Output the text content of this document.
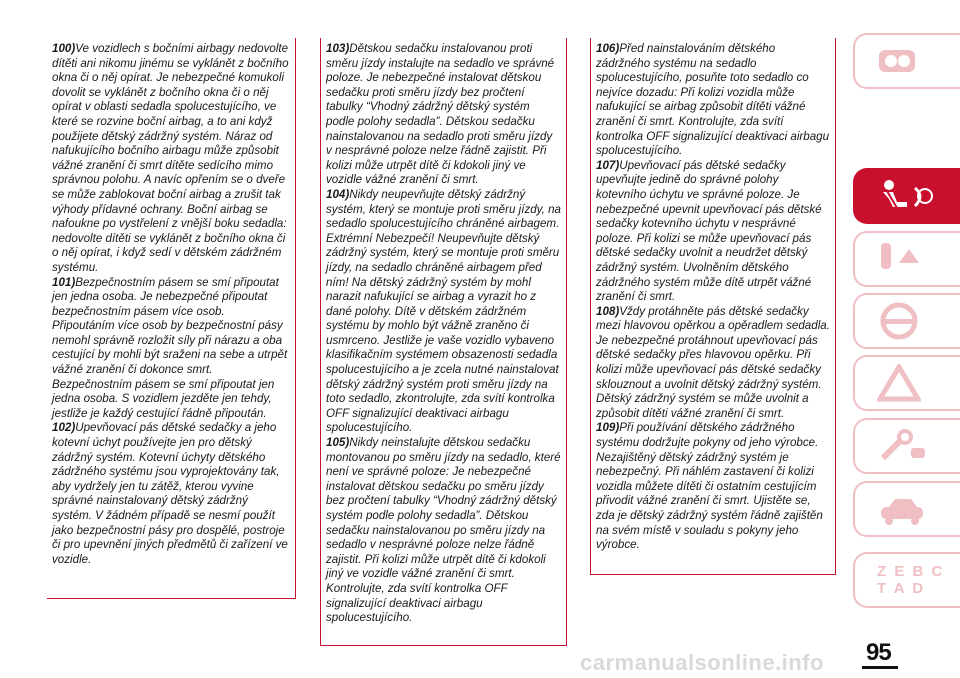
100)Ve vozidlech s bočními airbagy nedovolte dítěti ani nikomu jinému se vyklánět z bočního okna či o něj opírat. Je nebezpečné komukoli dovolit se vyklánět z bočního okna či o něj opírat v oblasti sedadla spolucestujícího, ve které se rozvine boční airbag, a to ani když použijete dětský zádržný systém. Náraz od nafukujícího bočního airbagu může způsobit vážné zranění či smrt dítěte sedícího mimo správnou polohu. A navíc opřením se o dveře se může zablokovat boční airbag a zrušit tak výhody přídavné ochrany. Boční airbag se nafoukne po vystřelení z vnější boku sedadla: nedovolte dítěti se vyklánět z bočního okna či o něj opírat, i když sedí v dětském zádržném systému.

101)Bezpečnostním pásem se smí připoutat jen jedna osoba. Je nebezpečné připoutat bezpečnostním pásem více osob. Připoutáním více osob by bezpečnostní pásy nemohl správně rozložit síly při nárazu a oba cestující by mohli být sraženi na sebe a utrpět vážné zranění či dokonce smrt. Bezpečnostním pásem se smí připoutat jen jedna osoba. S vozidlem jezděte jen tehdy, jestliže je každý cestující řádně připoután.

102)Upevňovací pás dětské sedačky a jeho kotevní úchyt používejte jen pro dětský zádržný systém. Kotevní úchyty dětského zádržného systému jsou vyprojektovány tak, aby vydržely jen tu zátěž, kterou vyvine správné nainstalovaný dětský zádržný systém. V žádném případě se nesmí použít jako bezpečnostní pásy pro dospělé, postroje či pro upevnění jiných předmětů či zařízení ve vozidle.

103)Dětskou sedačku instalovanou proti směru jízdy instalujte na sedadlo ve správné poloze. Je nebezpečné instalovat dětskou sedačku proti směru jízdy bez pročtení tabulky “Vhodný zádržný dětský systém podle polohy sedadla”. Dětskou sedačku nainstalovanou na sedadlo proti směru jízdy v nesprávné poloze nelze řádně zajistit. Při kolizi může utrpět dítě či kdokoli jiný ve vozidle vážné zranění či smrt.

104)Nikdy neupevňujte dětský zádržný systém, který se montuje proti směru jízdy, na sedadlo spolucestujícího chráněné airbagem. Extrémní Nebezpečí! Neupevňujte dětský zádržný systém, který se montuje proti směru jízdy, na sedadlo chráněné airbagem před ním! Na dětský zádržný systém by mohl narazit nafukující se airbag a vyrazit ho z dané polohy. Dítě v dětském zádržném systému by mohlo být vážně zraněno či usmrceno. Jestliže je vaše vozidlo vybaveno klasifikačním systémem obsazenosti sedadla spolucestujícího a je zcela nutné nainstalovat dětský zádržný systém proti směru jízdy na toto sedadlo, zkontrolujte, zda svítí kontrolka OFF signalizující deaktivaci airbagu spolucestujícího.

105)Nikdy neinstalujte dětskou sedačku montovanou po směru jízdy na sedadlo, které není ve správné poloze: Je nebezpečné instalovat dětskou sedačku po směru jízdy bez pročtení tabulky “Vhodný zádržný dětský systém podle polohy sedadla”. Dětskou sedačku nainstalovanou po směru jízdy na sedadlo v nesprávné poloze nelze řádně zajistit. Při kolizi může utrpět dítě či kdokoli jiný ve vozidle vážné zranění či smrt. Kontrolujte, zda svítí kontrolka OFF signalizující deaktivaci airbagu spolucestujícího.

106)Před nainstalováním dětského zádržného systému na sedadlo spolucestujícího, posuňte toto sedadlo co nejvíce dozadu: Při kolizi vozidla může nafukující se airbag způsobit dítěti vážné zranění či smrt. Kontrolujte, zda svítí kontrolka OFF signalizující deaktivaci airbagu spolucestujícího.

107)Upevňovací pás dětské sedačky upevňujte jedině do správné polohy kotevního úchytu ve správné poloze. Je nebezpečné upevnit upevňovací pás dětské sedačky kotevního úchytu v nesprávné poloze. Při kolizi se může upevňovací pás dětské sedačky uvolnit a neudržet dětský zádržný systém. Uvolněním dětského zádržného systém může dítě utrpět vážné zranění či smrt.

108)Vždy protáhněte pás dětské sedačky mezi hlavovou opěrkou a opěradlem sedadla. Je nebezpečné protáhnout upevňovací pás dětské sedačky přes hlavovou opěrku. Při kolizi může upevňovací pás dětské sedačky sklouznout a uvolnit dětský zádržný systém. Dětský zádržný systém se může uvolnit a způsobit dítěti vážné zranění či smrt.

109)Při používání dětského zádržného systému dodržujte pokyny od jeho výrobce. Nezajištěný dětský zádržný systém je nebezpečný. Při náhlém zastavení či kolizi vozidla můžete dítěti či ostatním cestujícím přivodit vážné zranění či smrt. Ujistěte se, zda je dětský zádržný systém řádně zajištěn na svém místě v souladu s pokyny jeho výrobce.

Z E B C T A D
95
carmanualsonline.info
